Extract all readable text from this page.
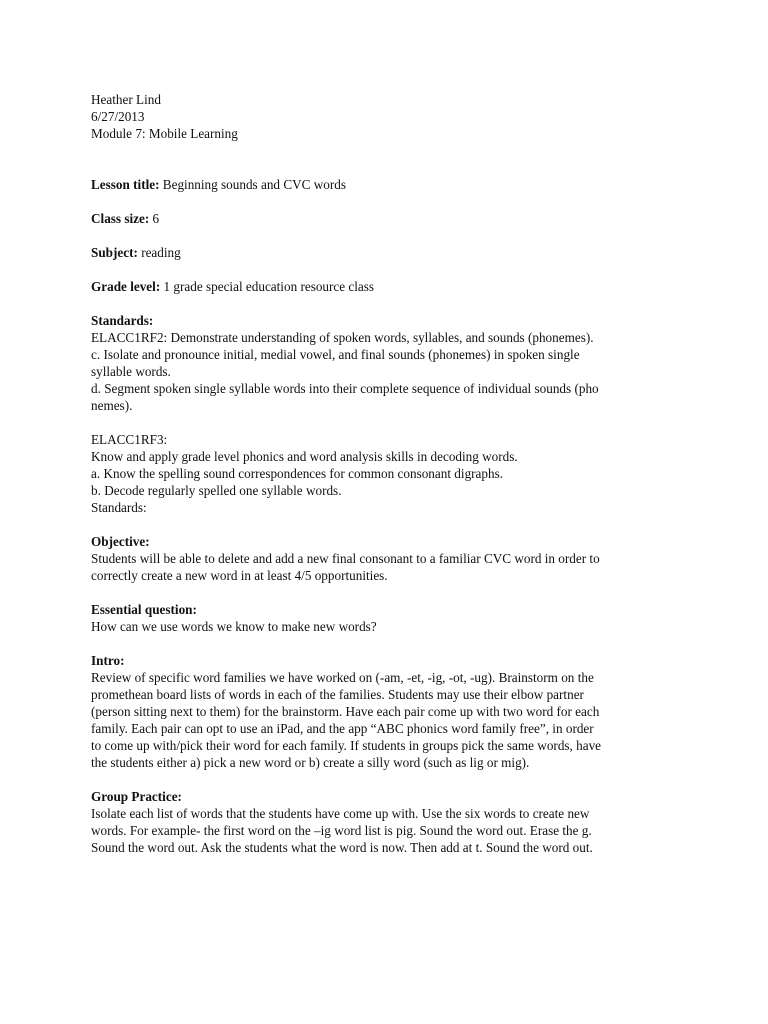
Heather Lind
6/27/2013
Module 7: Mobile Learning
Lesson title: Beginning sounds and CVC words
Class size: 6
Subject: reading
Grade level: 1 grade special education resource class
Standards:
ELACC1RF2: Demonstrate understanding of spoken words, syllables, and sounds (phonemes).
c. Isolate and pronounce initial, medial vowel, and final sounds (phonemes) in spoken single
syllable words.
d. Segment spoken single syllable words into their complete sequence of individual sounds (pho
nemes).
ELACC1RF3:
Know and apply grade level phonics and word analysis skills in decoding words.
a. Know the spelling sound correspondences for common consonant digraphs.
b. Decode regularly spelled one syllable words.
Standards:
Objective:
Students will be able to delete and add a new final consonant to a familiar CVC word in order to
correctly create a new word in at least 4/5 opportunities.
Essential question:
How can we use words we know to make new words?
Intro:
Review of specific word families we have worked on (-am, -et, -ig, -ot, -ug). Brainstorm on the
promethean board lists of words in each of the families. Students may use their elbow partner
(person sitting next to them) for the brainstorm. Have each pair come up with two word for each
family. Each pair can opt to use an iPad, and the app “ABC phonics word family free”, in order
to come up with/pick their word for each family. If students in groups pick the same words, have
the students either a) pick a new word or b) create a silly word (such as lig or mig).
Group Practice:
Isolate each list of words that the students have come up with. Use the six words to create new
words. For example- the first word on the –ig word list is pig. Sound the word out. Erase the g.
Sound the word out. Ask the students what the word is now. Then add at t. Sound the word out.
